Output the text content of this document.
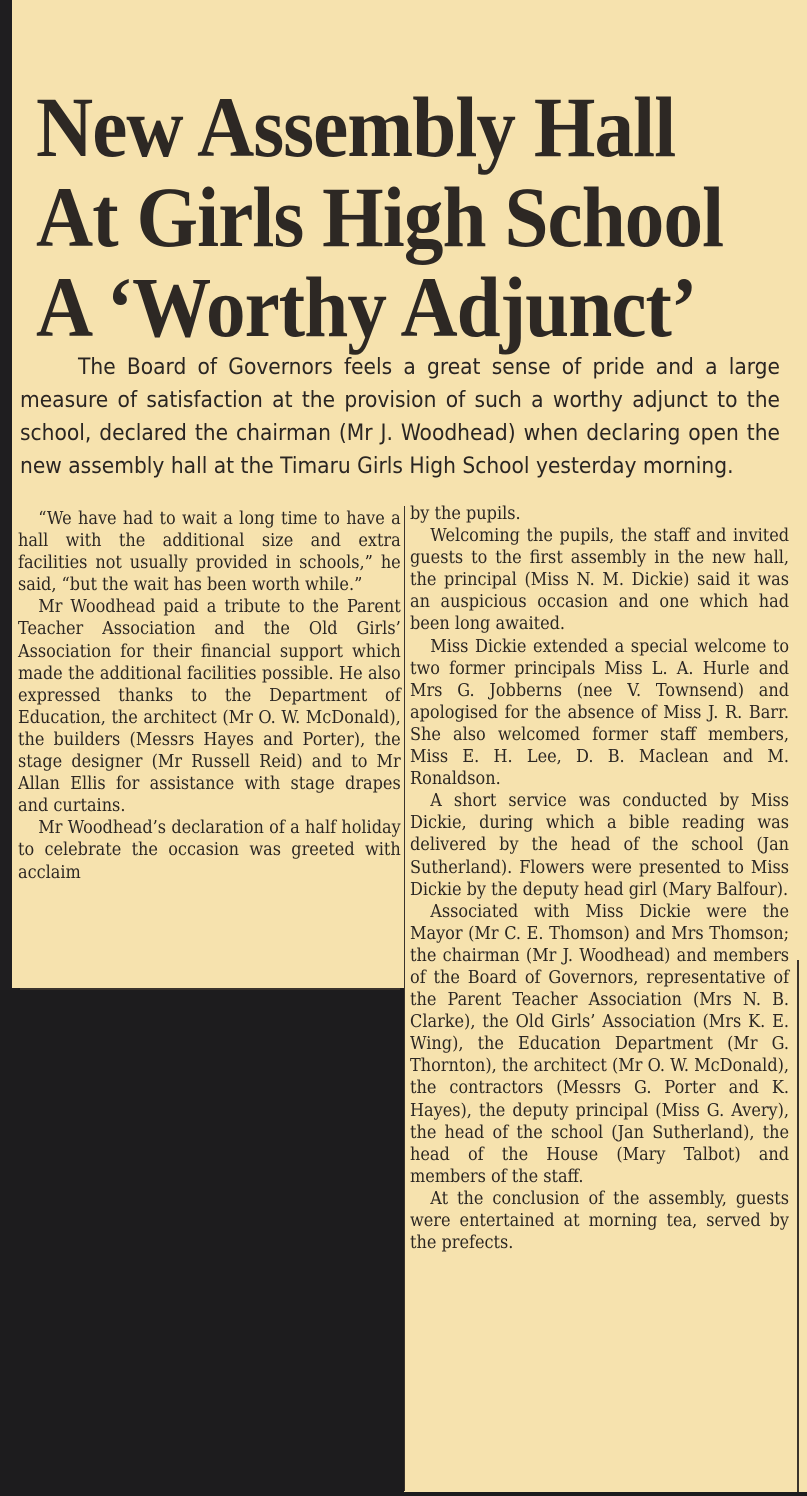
New Assembly Hall
At Girls High School
A ‘Worthy Adjunct’

The Board of Governors feels a great sense of pride and a large measure of satisfaction at the provision of such a worthy adjunct to the school, declared the chairman (Mr J. Woodhead) when declaring open the new assembly hall at the Timaru Girls High School yesterday morning.

“We have had to wait a long time to have a hall with the additional size and extra facilities not usually provided in schools,” he said, “but the wait has been worth while.”

Mr Woodhead paid a tribute to the Parent Teacher Association and the Old Girls’ Association for their financial support which made the additional facilities possible. He also expressed thanks to the Department of Education, the architect (Mr O. W. McDonald), the builders (Messrs Hayes and Porter), the stage designer (Mr Russell Reid) and to Mr Allan Ellis for assistance with stage drapes and curtains.

Mr Woodhead’s declaration of a half holiday to celebrate the occasion was greeted with acclaim

by the pupils.

Welcoming the pupils, the staff and invited guests to the first assembly in the new hall, the principal (Miss N. M. Dickie) said it was an auspicious occasion and one which had been long awaited.

Miss Dickie extended a special welcome to two former principals Miss L. A. Hurle and Mrs G. Jobberns (nee V. Townsend) and apologised for the absence of Miss J. R. Barr. She also welcomed former staff members, Miss E. H. Lee, D. B. Maclean and M. Ronaldson.

A short service was conducted by Miss Dickie, during which a bible reading was delivered by the head of the school (Jan Sutherland). Flowers were presented to Miss Dickie by the deputy head girl (Mary Balfour).

Associated with Miss Dickie were the Mayor (Mr C. E. Thomson) and Mrs Thomson; the chairman (Mr J. Woodhead) and members of the Board of Governors, representative of the Parent Teacher Association (Mrs N. B. Clarke), the Old Girls’ Association (Mrs K. E. Wing), the Education Department (Mr G. Thornton), the architect (Mr O. W. McDonald), the contractors (Messrs G. Porter and K. Hayes), the deputy principal (Miss G. Avery), the head of the school (Jan Sutherland), the head of the House (Mary Talbot) and members of the staff.

At the conclusion of the assembly, guests were entertained at morning tea, served by the prefects.
